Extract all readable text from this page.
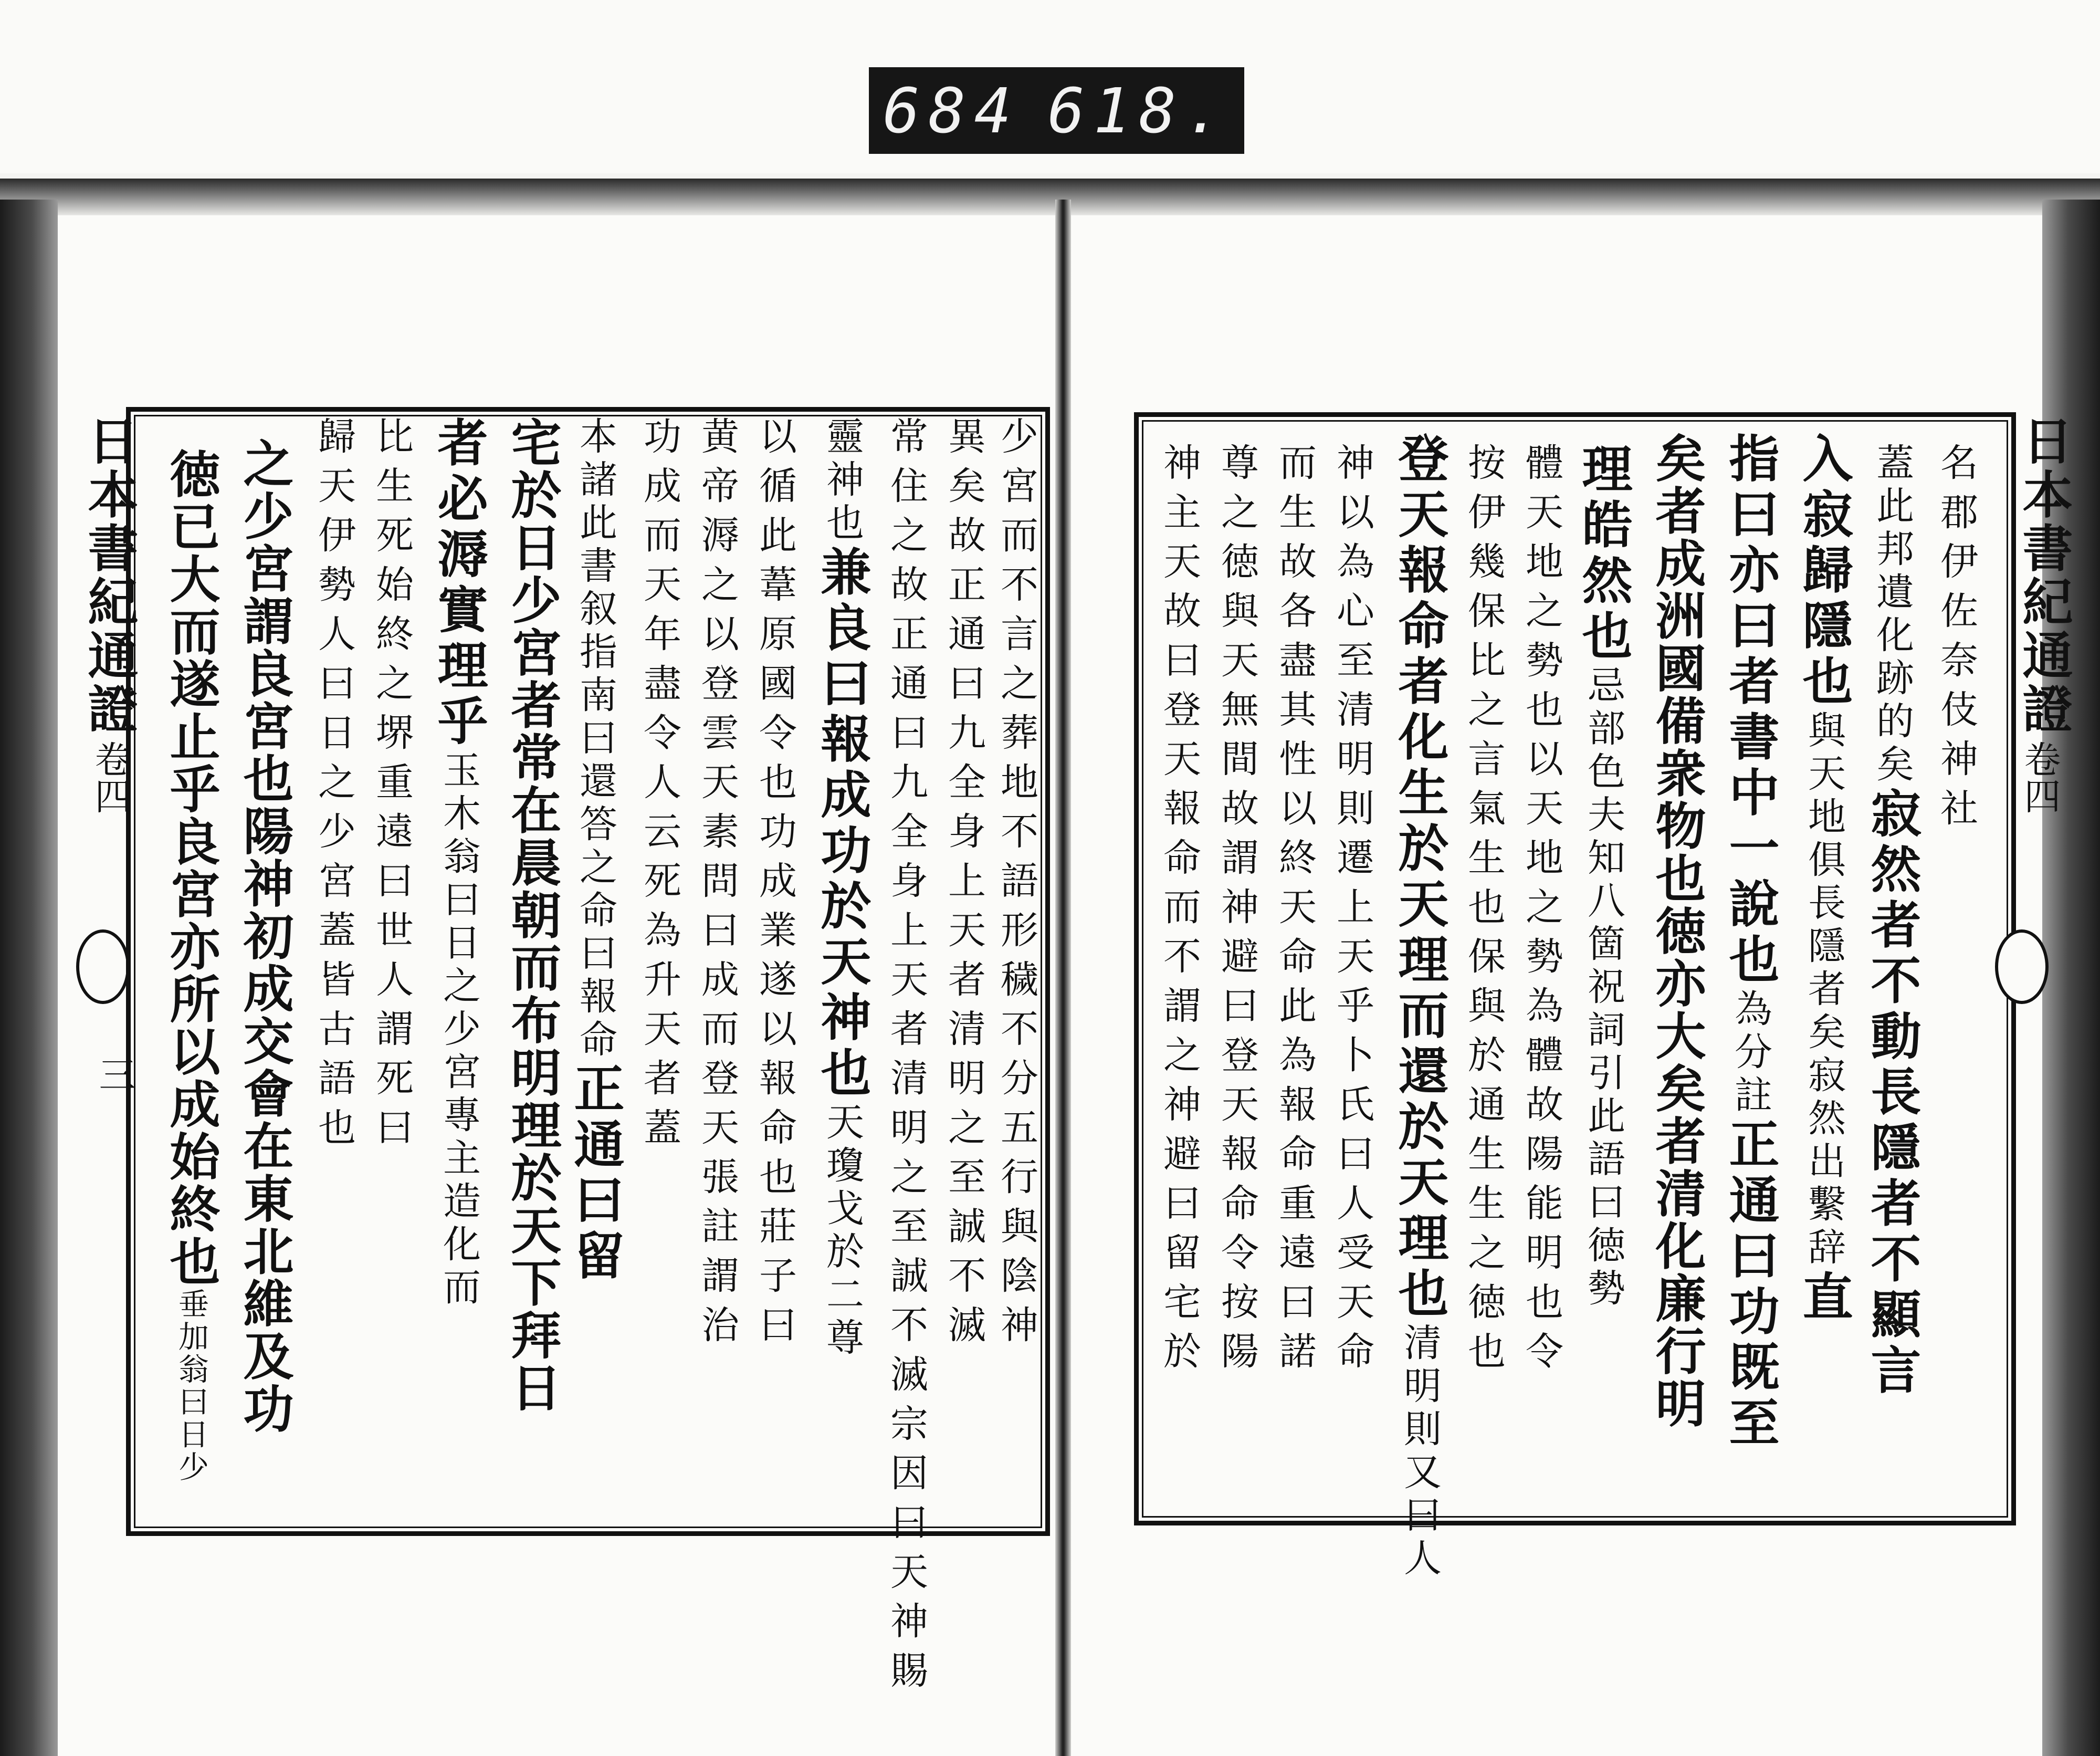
684 618.
日本書紀通證
卷四
三 徳已大而遂止乎良宮亦所以成始終也垂加翁曰日少 之少宮謂良宮也陽神初成交會在東北維及功 歸天伊勢人曰日之少宮蓋皆古語也 比生死始終之堺重遠曰世人謂死曰 者必溽實理乎玉木翁曰日之少宮專主造化而 宅於日少宮者常在晨朝而布明理於天下拜日 本諸此書叙指南曰還答之命曰報命正通曰留
功成而天年盡令人云死為升天者蓋 黄帝溽之以登雲天素問曰成而登天張註謂治 以循此葦原國令也功成業遂以報命也莊子曰 靈神也兼良曰報成功於天神也天瓊戈於二尊 常住之故正通曰九全身上天者清明之至誠不滅宗因曰天神賜 異矣故正通曰九全身上天者清明之至誠不滅 少宮而不言之葬地不語形穢不分五行與陰神	神主天故曰登天報命而不謂之神避曰留宅於 尊之徳與天無間故謂神避曰登天報命令按陽 而生故各盡其性以終天命此為報命重遠曰諾 神以為心至清明則遷上天乎卜氏曰人受天命 登天報命者化生於天理而還於天理也清明則又曰人
按伊幾保比之言氣生也保與於通生生之徳也 體天地之勢也以天地之勢為體故陽能明也令 理皓然也忌部色夫知八箇祝詞引此語曰徳勢 矣者成洲國備衆物也徳亦大矣者清化廉行明 指曰亦曰者書中一說也為分註正通曰功既至
入寂歸隱也與天地俱長隱者矣寂然出繫辞直
蓋此邦遺化跡的矣寂然者不動長隱者不顯言
名郡伊佐奈伎神社 日本書紀通證
卷四
